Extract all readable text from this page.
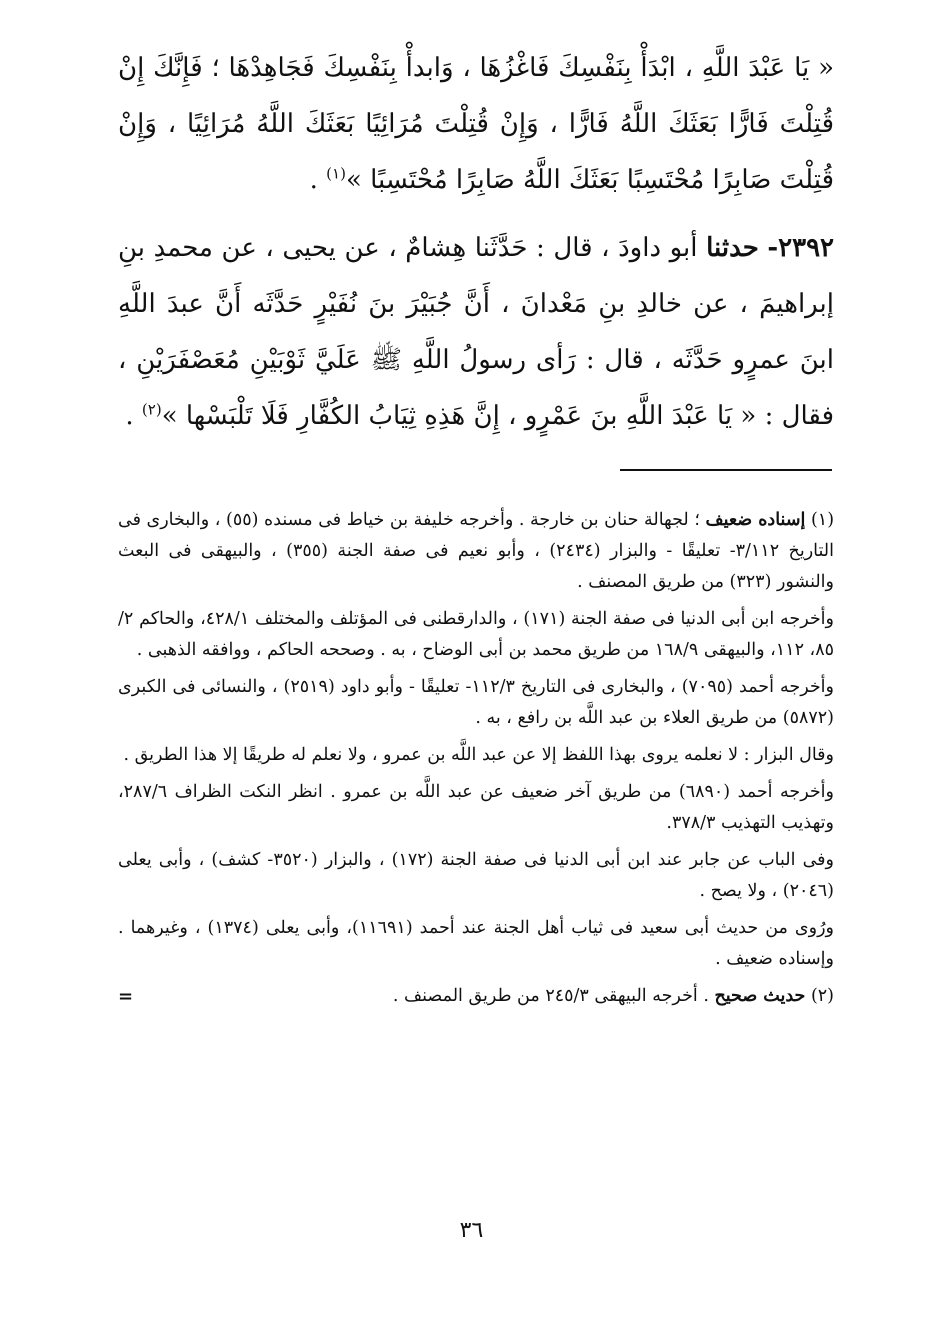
« يَا عَبْدَ اللَّهِ ، ابْدَأْ بِنَفْسِكَ فَاغْزُهَا ، وَابدأْ بِنَفْسِكَ فَجَاهِدْهَا ؛ فَإِنَّكَ إِنْ قُتِلْتَ فَارًّا بَعَثَكَ اللَّهُ فَارًّا ، وَإِنْ قُتِلْتَ مُرَائِيًا بَعَثَكَ اللَّهُ مُرَائِيًا ، وَإِنْ قُتِلْتَ صَابِرًا مُحْتَسِبًا بَعَثَكَ اللَّهُ صَابِرًا مُحْتَسِبًا »$^{(١)}$ .

٢٣٩٢- حدثنا أبو داودَ ، قال : حَدَّثَنا هِشامٌ ، عن يحيى ، عن محمدِ بنِ إبراهيمَ ، عن خالدِ بنِ مَعْدانَ ، أَنَّ جُبَيْرَ بنَ نُفَيْرٍ حَدَّثَه أَنَّ عبدَ اللَّهِ ابنَ عمرٍو حَدَّثَه ، قال : رَأى رسولُ اللَّهِ ﷺ عَلَيَّ ثَوْبَيْنِ مُعَصْفَرَيْنِ ، فقال : « يَا عَبْدَ اللَّهِ بنَ عَمْرٍو ، إِنَّ هَذِهِ ثِيَابُ الكُفَّارِ فَلَا تَلْبَسْها »$^{(٢)}$ .

(١) إسناده ضعيف ؛ لجهالة حنان بن خارجة . وأخرجه خليفة بن خياط فى مسنده (٥٥) ، والبخارى فى التاريخ ٣/١١٢- تعليقًا - والبزار (٢٤٣٤) ، وأبو نعيم فى صفة الجنة (٣٥٥) ، والبيهقى فى البعث والنشور (٣٢٣) من طريق المصنف .

وأخرجه ابن أبى الدنيا فى صفة الجنة (١٧١) ، والدارقطنى فى المؤتلف والمختلف ٤٢٨/١، والحاكم ٢/ ٨٥، ١١٢، والبيهقى ١٦٨/٩ من طريق محمد بن أبى الوضاح ، به . وصححه الحاكم ، ووافقه الذهبى .

وأخرجه أحمد (٧٠٩٥) ، والبخارى فى التاريخ ١١٢/٣- تعليقًا - وأبو داود (٢٥١٩) ، والنسائى فى الكبرى (٥٨٧٢) من طريق العلاء بن عبد اللَّه بن رافع ، به .

وقال البزار : لا نعلمه يروى بهذا اللفظ إلا عن عبد اللَّه بن عمرو ، ولا نعلم له طريقًا إلا هذا الطريق .

وأخرجه أحمد (٦٨٩٠) من طريق آخر ضعيف عن عبد اللَّه بن عمرو . انظر النكت الظراف ٢٨٧/٦، وتهذيب التهذيب ٣٧٨/٣.

وفى الباب عن جابر عند ابن أبى الدنيا فى صفة الجنة (١٧٢) ، والبزار (٣٥٢٠- كشف) ، وأبى يعلى (٢٠٤٦) ، ولا يصح .

ورُوى من حديث أبى سعيد فى ثياب أهل الجنة عند أحمد (١١٦٩١)، وأبى يعلى (١٣٧٤) ، وغيرهما . وإسناده ضعيف .

(٢) حديث صحيح . أخرجه البيهقى ٢٤٥/٣ من طريق المصنف .
=

٣٦
